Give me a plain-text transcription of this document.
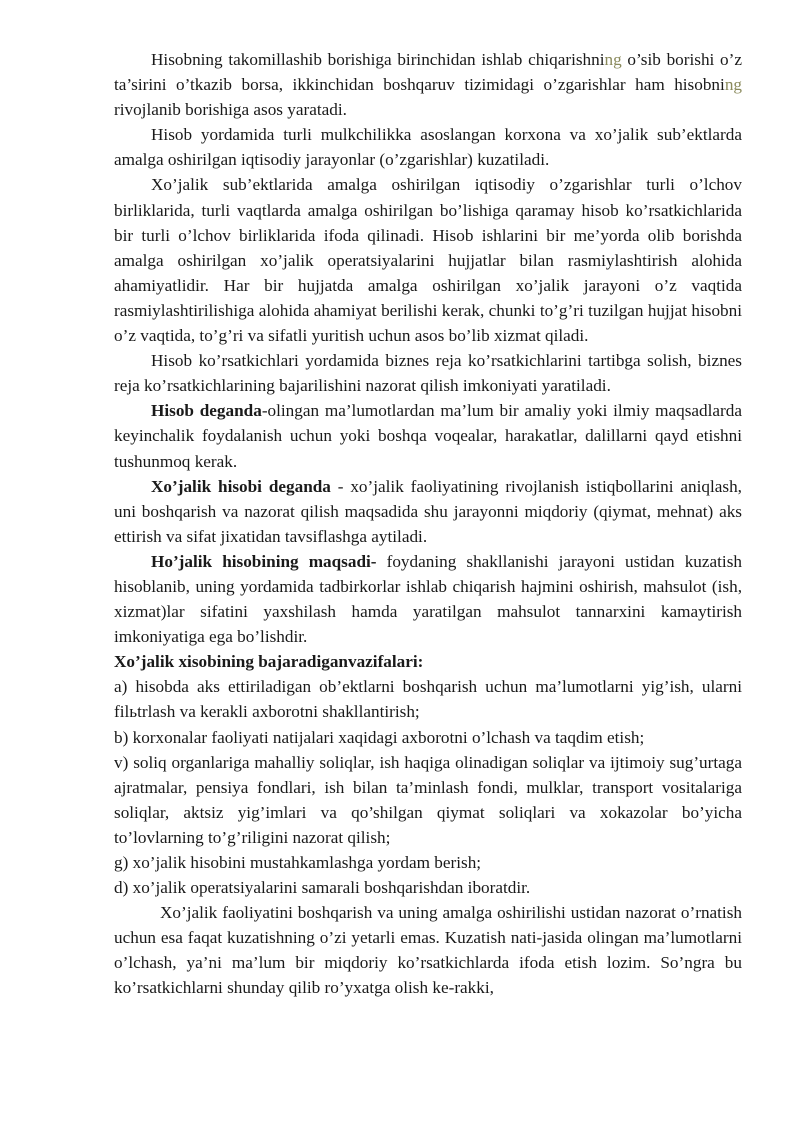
Hisobning takomillashib borishiga birinchidan ishlab chiqarishning o’sib borishi o’z ta’sirini o’tkazib borsa, ikkinchidan boshqaruv tizimidagi o’zgarishlar ham hisobning rivojlanib borishiga asos yaratadi.

Hisob yordamida turli mulkchilikka asoslangan korxona va xo’jalik sub’ektlarda amalga oshirilgan iqtisodiy jarayonlar (o’zgarishlar) kuzatiladi.

Xo’jalik sub’ektlarida amalga oshirilgan iqtisodiy o’zgarishlar turli o’lchov birliklarida, turli vaqtlarda amalga oshirilgan bo’lishiga qaramay hisob ko’rsatkichlarida bir turli o’lchov birliklarida ifoda qilinadi. Hisob ishlarini bir me’yorda olib borishda amalga oshirilgan xo’jalik operatsiyalarini hujjatlar bilan rasmiylashtirish alohida ahamiyatlidir. Har bir hujjatda amalga oshirilgan xo’jalik jarayoni o’z vaqtida rasmiylashtirilishiga alohida ahamiyat berilishi kerak, chunki to’g’ri tuzilgan hujjat hisobni o’z vaqtida, to’g’ri va sifatli yuritish uchun asos bo’lib xizmat qiladi.

Hisob ko’rsatkichlari yordamida biznes reja ko’rsatkichlarini tartibga solish, biznes reja ko’rsatkichlarining bajarilishini nazorat qilish imkoniyati yaratiladi.

Hisob deganda-olingan ma’lumotlardan ma’lum bir amaliy yoki ilmiy maqsadlarda keyinchalik foydalanish uchun yoki boshqa voqealar, harakatlar, dalillarni qayd etishni tushunmoq kerak.

Xo’jalik hisobi deganda - xo’jalik faoliyatining rivojlanish istiqbollarini aniqlash, uni boshqarish va nazorat qilish maqsadida shu jarayonni miqdoriy (qiymat, mehnat) aks ettirish va sifat jixatidan tavsiflashga aytiladi.

Ho’jalik hisobining maqsadi- foydaning shakllanishi jarayoni ustidan kuzatish hisoblanib, uning yordamida tadbirkorlar ishlab chiqarish hajmini oshirish, mahsulot (ish, xizmat)lar sifatini yaxshilash hamda yaratilgan mahsulot tannarxini kamaytirish imkoniyatiga ega bo’lishdir.

Xo’jalik xisobining bajaradiganvazifalari:

a) hisobda aks ettiriladigan ob’ektlarni boshqarish uchun ma’lumotlarni yig’ish, ularni filьtrlash va kerakli axborotni shakllantirish;

b) korxonalar faoliyati natijalari xaqidagi axborotni o’lchash va taqdim etish;

v) soliq organlariga mahalliy soliqlar, ish haqiga olinadigan soliqlar va ijtimoiy sug’urtaga ajratmalar, pensiya fondlari, ish bilan ta’minlash fondi, mulklar, transport vositalariga soliqlar, aktsiz yig’imlari va qo’shilgan qiymat soliqlari va xokazolar bo’yicha to’lovlarning to’g’riligini nazorat qilish;

g) xo’jalik hisobini mustahkamlashga yordam berish;

d) xo’jalik operatsiyalarini samarali boshqarishdan iboratdir.

Xo’jalik faoliyatini boshqarish va uning amalga oshirilishi ustidan nazorat o’rnatish uchun esa faqat kuzatishning o’zi yetarli emas. Kuzatish nati-jasida olingan ma’lumotlarni o’lchash, ya’ni ma’lum bir miqdoriy ko’rsatkichlarda ifoda etish lozim. So’ngra bu ko’rsatkichlarni shunday qilib ro’yxatga olish ke-rakki,
